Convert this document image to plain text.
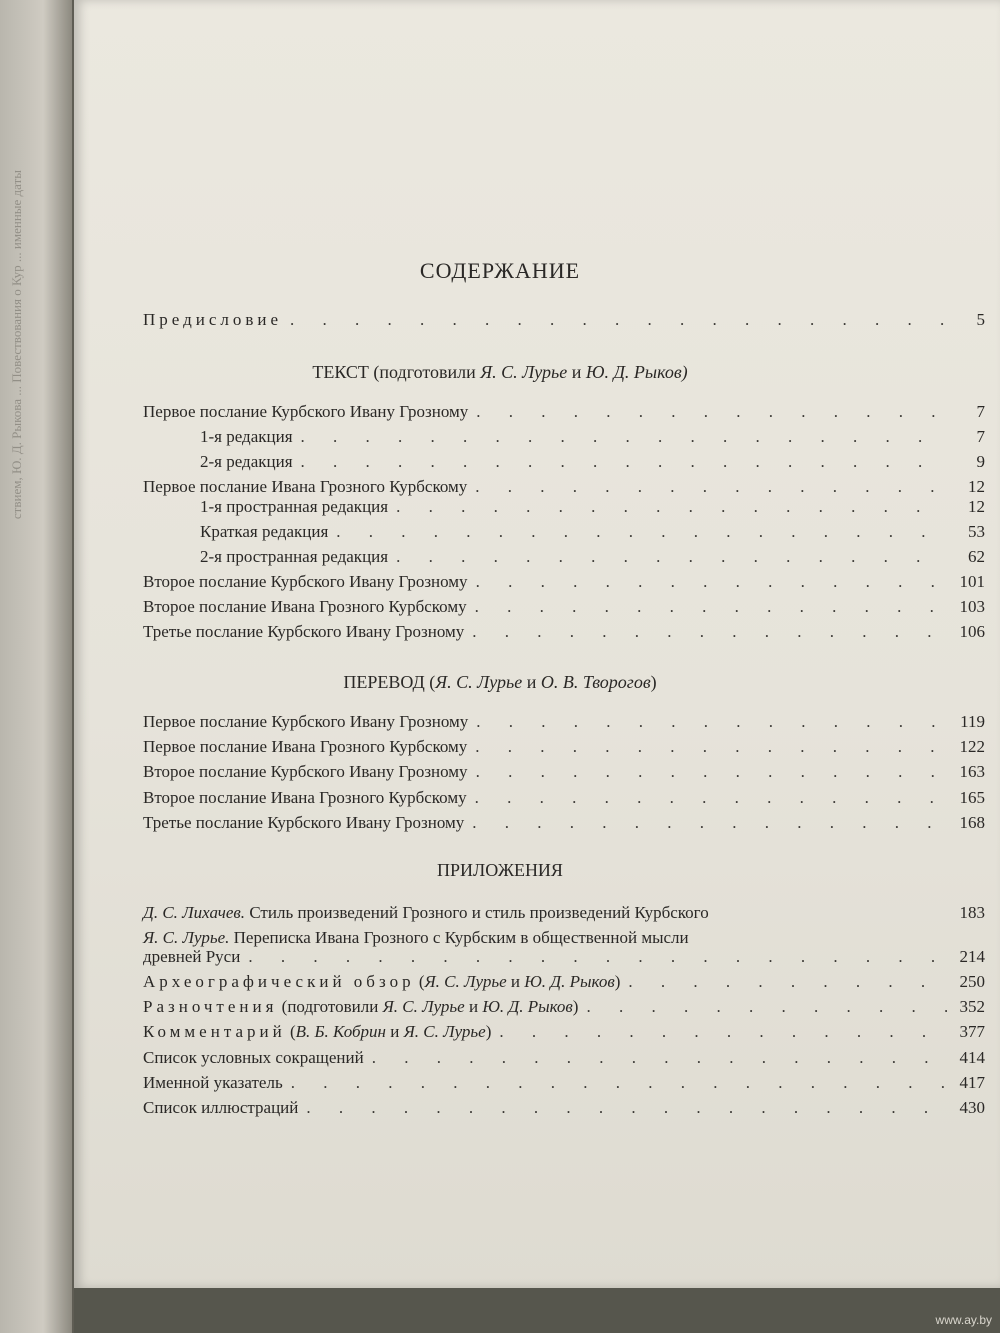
ствием, Ю. Д. Рыкова ... Повествования о Кур ... именные даты	СОДЕРЖАНИЕ
Предисловие . . .	5
ТЕКСТ (подготовили Я. С. Лурье и Ю. Д. Рыков)
Первое послание Курбского Ивану Грозному . . .	7
1-я редакция . . .	7
2-я редакция . . .	9
Первое послание Ивана Грозного Курбскому . . .	12
1-я пространная редакция . . .	12
Краткая редакция . . .	53
2-я пространная редакция . . .	62
Второе послание Курбского Ивану Грозному . . .	101
Второе послание Ивана Грозного Курбскому . . .	103
Третье послание Курбского Ивану Грозному . . .	106
ПЕРЕВОД (Я. С. Лурье и О. В. Творогов)
Первое послание Курбского Ивану Грозному . . .	119
Первое послание Ивана Грозного Курбскому . . .	122
Второе послание Курбского Ивану Грозному . . .	163
Второе послание Ивана Грозного Курбскому . . .	165
Третье послание Курбского Ивану Грозному . . .	168
ПРИЛОЖЕНИЯ
Д. С. Лихачев. Стиль произведений Грозного и стиль произведений Курбского	183
Я. С. Лурье. Переписка Ивана Грозного с Курбским в общественной мысли
древней Руси . . .	214
Археографический обзор (Я. С. Лурье и Ю. Д. Рыков) . . .	250
Разночтения (подготовили Я. С. Лурье и Ю. Д. Рыков) . . .	352
Комментарий (В. Б. Кобрин и Я. С. Лурье) . . .	377
Список условных сокращений . . .	414
Именной указатель . . .	417
Список иллюстраций . . .	430
www.ay.by
